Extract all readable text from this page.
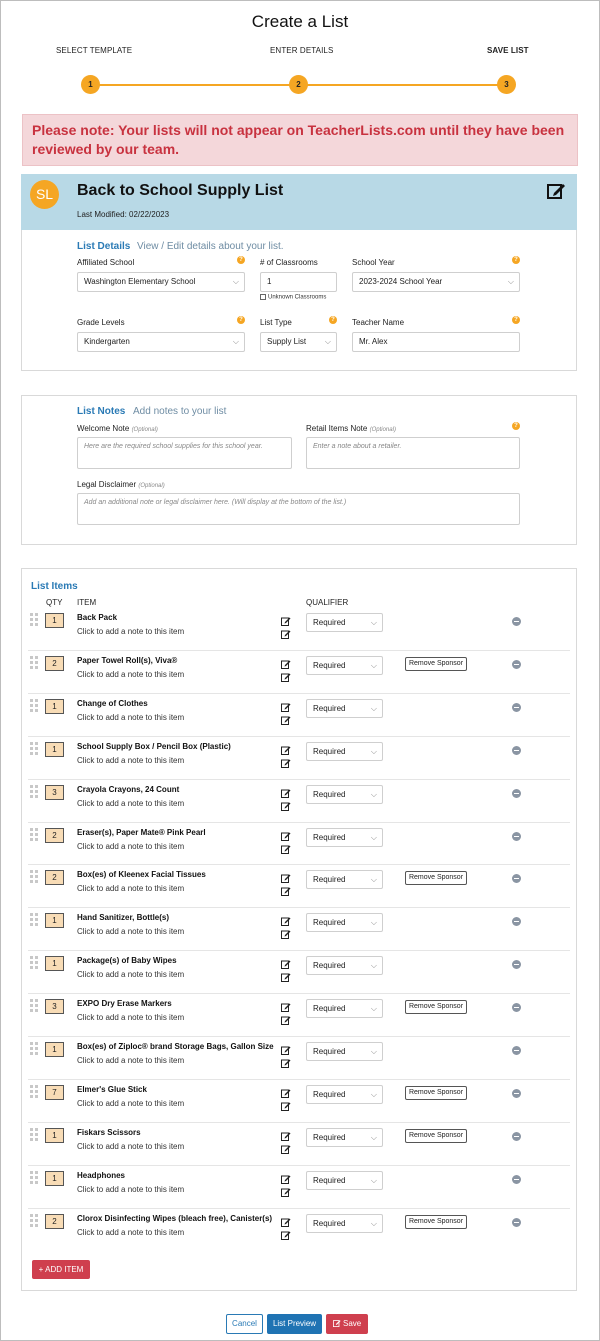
Create a List
SELECT TEMPLATE	ENTER DETAILS	SAVE LIST
1	2	3
Please note: Your lists will not appear on TeacherLists.com until they have been reviewed by our team.
SL	Back to School Supply List
Last Modified: 02/22/2023
List Details View / Edit details about your list.
Affiliated School	?
Washington Elementary School	⌵
# of Classrooms
1
Unknown Classrooms
School Year	?
2023-2024 School Year	⌵
Grade Levels	?
Kindergarten	⌵
List Type	?
Supply List ⌵
Teacher Name	?
Mr. Alex
List Notes Add notes to your list
Welcome Note (Optional)
Here are the required school supplies for this school year.
Retail Items Note (Optional)
?
Enter a note about a retailer.
Legal Disclaimer (Optional)
Add an additional note or legal disclaimer here. (Will display at the bottom of the list.)
List Items
QTY ITEM	QUALIFIER
1	Back Pack
Click to add a note to this item
Required	⌵
2	Paper Towel Roll(s), Viva®
Click to add a note to this item
Required	⌵	Remove Sponsor
1	Change of Clothes
Click to add a note to this item
Required	⌵
1	School Supply Box / Pencil Box (Plastic)
Click to add a note to this item
Required	⌵
3	Crayola Crayons, 24 Count
Click to add a note to this item
Required	⌵
2	Eraser(s), Paper Mate® Pink Pearl
Click to add a note to this item
Required	⌵
2	Box(es) of Kleenex Facial Tissues
Click to add a note to this item
Required	⌵	Remove Sponsor
1	Hand Sanitizer, Bottle(s)
Click to add a note to this item
Required	⌵
1	Package(s) of Baby Wipes
Click to add a note to this item
Required	⌵
3	EXPO Dry Erase Markers
Click to add a note to this item
Required	⌵	Remove Sponsor
1	Box(es) of Ziploc® brand Storage Bags, Gallon Size
Click to add a note to this item
Required	⌵
7	Elmer's Glue Stick
Click to add a note to this item
Required	⌵	Remove Sponsor
1	Fiskars Scissors
Click to add a note to this item
Required	⌵	Remove Sponsor
1	Headphones
Click to add a note to this item
Required	⌵
2	Clorox Disinfecting Wipes (bleach free), Canister(s)
Click to add a note to this item
Required	⌵	Remove Sponsor
+ ADD ITEM
Cancel	List Preview	Save
